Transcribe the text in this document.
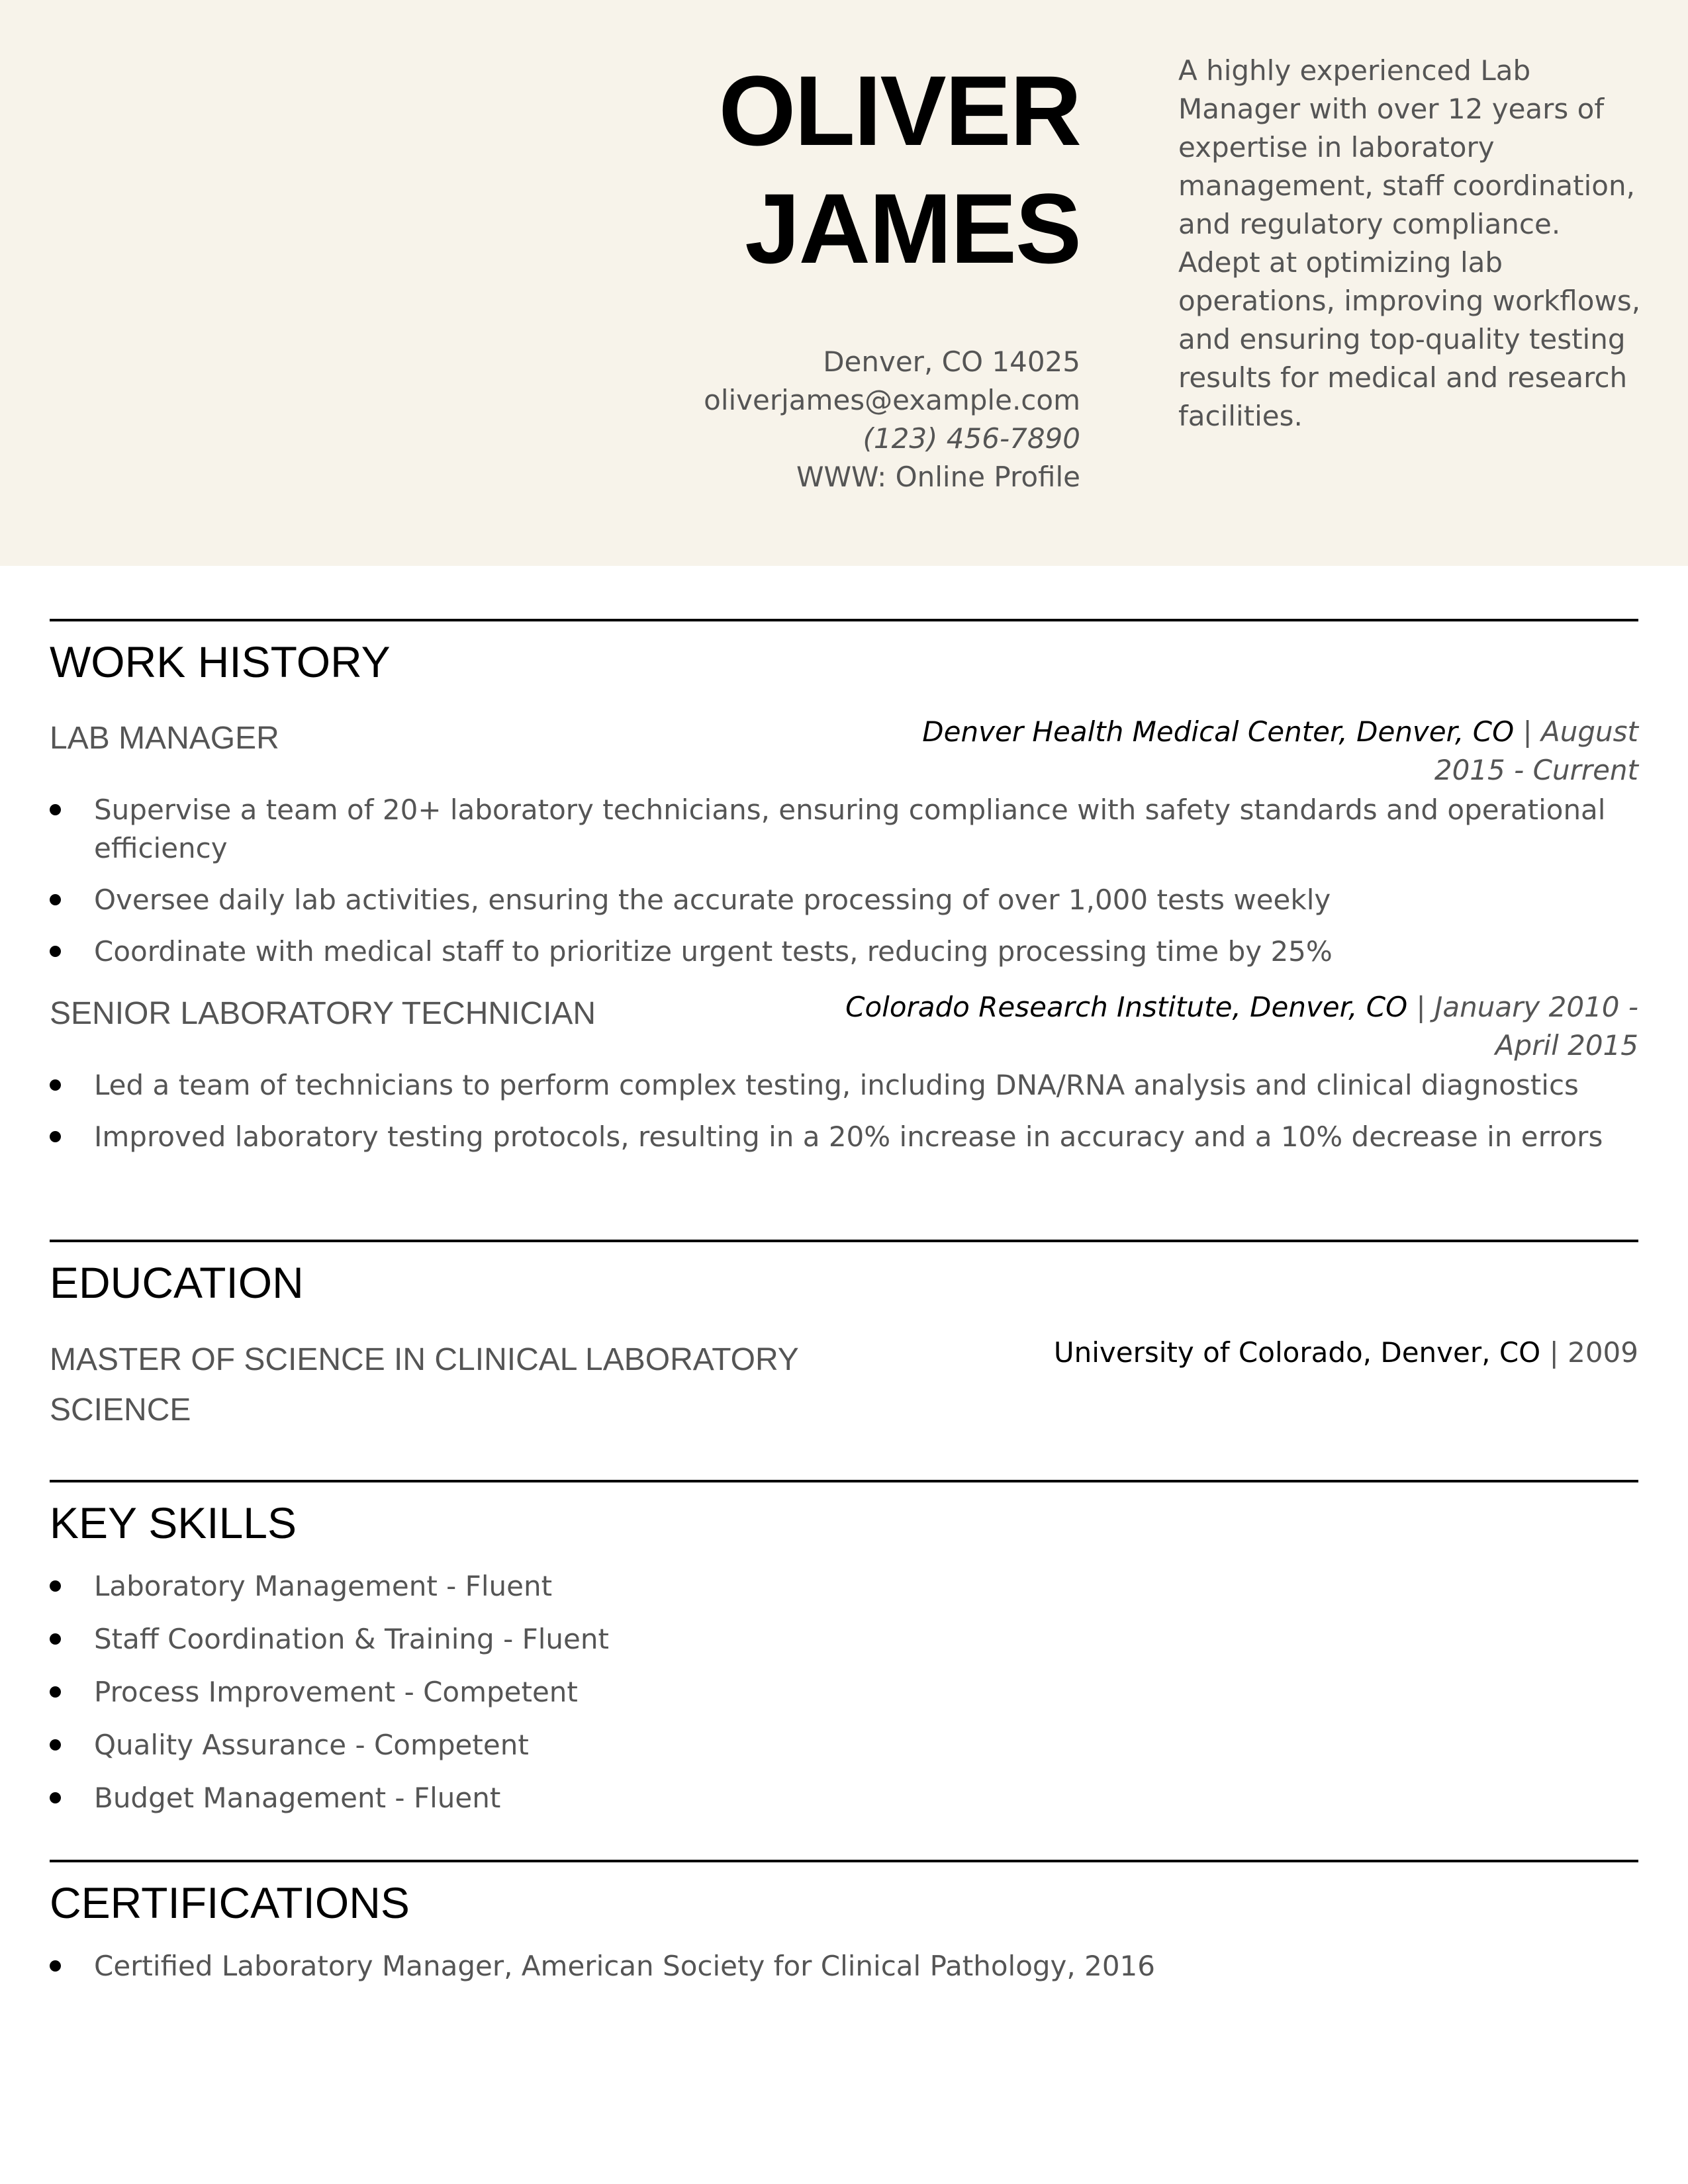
OLIVER
JAMES
Denver, CO 14025
oliverjames@example.com
(123) 456-7890
WWW: Online Profile
A highly experienced Lab Manager with over 12 years of expertise in laboratory management, staff coordination, and regulatory compliance. Adept at optimizing lab operations, improving workflows, and ensuring top-quality testing results for medical and research facilities.
WORK HISTORY
LAB MANAGER	Denver Health Medical Center, Denver, CO | August 2015 - Current
Supervise a team of 20+ laboratory technicians, ensuring compliance with safety standards and operational efficiency
Oversee daily lab activities, ensuring the accurate processing of over 1,000 tests weekly
Coordinate with medical staff to prioritize urgent tests, reducing processing time by 25%
SENIOR LABORATORY TECHNICIAN	Colorado Research Institute, Denver, CO | January 2010 - April 2015
Led a team of technicians to perform complex testing, including DNA/RNA analysis and clinical diagnostics
Improved laboratory testing protocols, resulting in a 20% increase in accuracy and a 10% decrease in errors
EDUCATION
MASTER OF SCIENCE IN CLINICAL LABORATORY SCIENCE
University of Colorado, Denver, CO | 2009
KEY SKILLS
Laboratory Management - Fluent
Staff Coordination & Training - Fluent
Process Improvement - Competent
Quality Assurance - Competent
Budget Management - Fluent
CERTIFICATIONS
Certified Laboratory Manager, American Society for Clinical Pathology, 2016
